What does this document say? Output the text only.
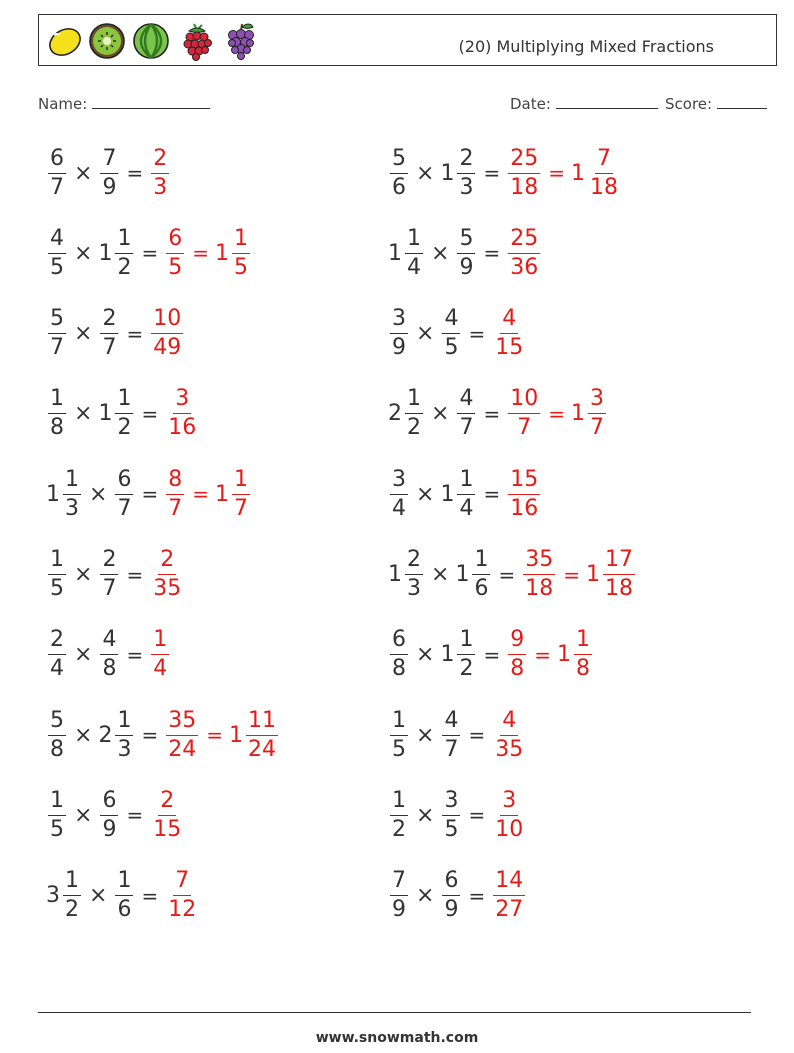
(20) Multiplying Mixed Fractions
Name:	Date:	Score:
$\frac{6}{7} \times \frac{7}{9} = \frac{2}{3}$	$\frac{5}{6} \times 1 \frac{2}{3} = \frac{25}{18} = 1 \frac{7}{18}$
$\frac{4}{5} \times 1 \frac{1}{2} = \frac{6}{5} = 1 \frac{1}{5}$	$1 \frac{1}{4} \times \frac{5}{9} = \frac{25}{36}$
$\frac{5}{7} \times \frac{2}{7} = \frac{10}{49}$	$\frac{3}{9} \times \frac{4}{5} = \frac{4}{15}$
$\frac{1}{8} \times 1 \frac{1}{2} = \frac{3}{16}$	$2 \frac{1}{2} \times \frac{4}{7} = \frac{10}{7} = 1 \frac{3}{7}$
$1 \frac{1}{3} \times \frac{6}{7} = \frac{8}{7} = 1 \frac{1}{7}$	$\frac{3}{4} \times 1 \frac{1}{4} = \frac{15}{16}$
$\frac{1}{5} \times \frac{2}{7} = \frac{2}{35}$	$1 \frac{2}{3} \times 1 \frac{1}{6} = \frac{35}{18} = 1 \frac{17}{18}$
$\frac{2}{4} \times \frac{4}{8} = \frac{1}{4}$	$\frac{6}{8} \times 1 \frac{1}{2} = \frac{9}{8} = 1 \frac{1}{8}$
$\frac{5}{8} \times 2 \frac{1}{3} = \frac{35}{24} = 1 \frac{11}{24}$	$\frac{1}{5} \times \frac{4}{7} = \frac{4}{35}$
$\frac{1}{5} \times \frac{6}{9} = \frac{2}{15}$	$\frac{1}{2} \times \frac{3}{5} = \frac{3}{10}$
$3 \frac{1}{2} \times \frac{1}{6} = \frac{7}{12}$	$\frac{7}{9} \times \frac{6}{9} = \frac{14}{27}$
www.snowmath.com
